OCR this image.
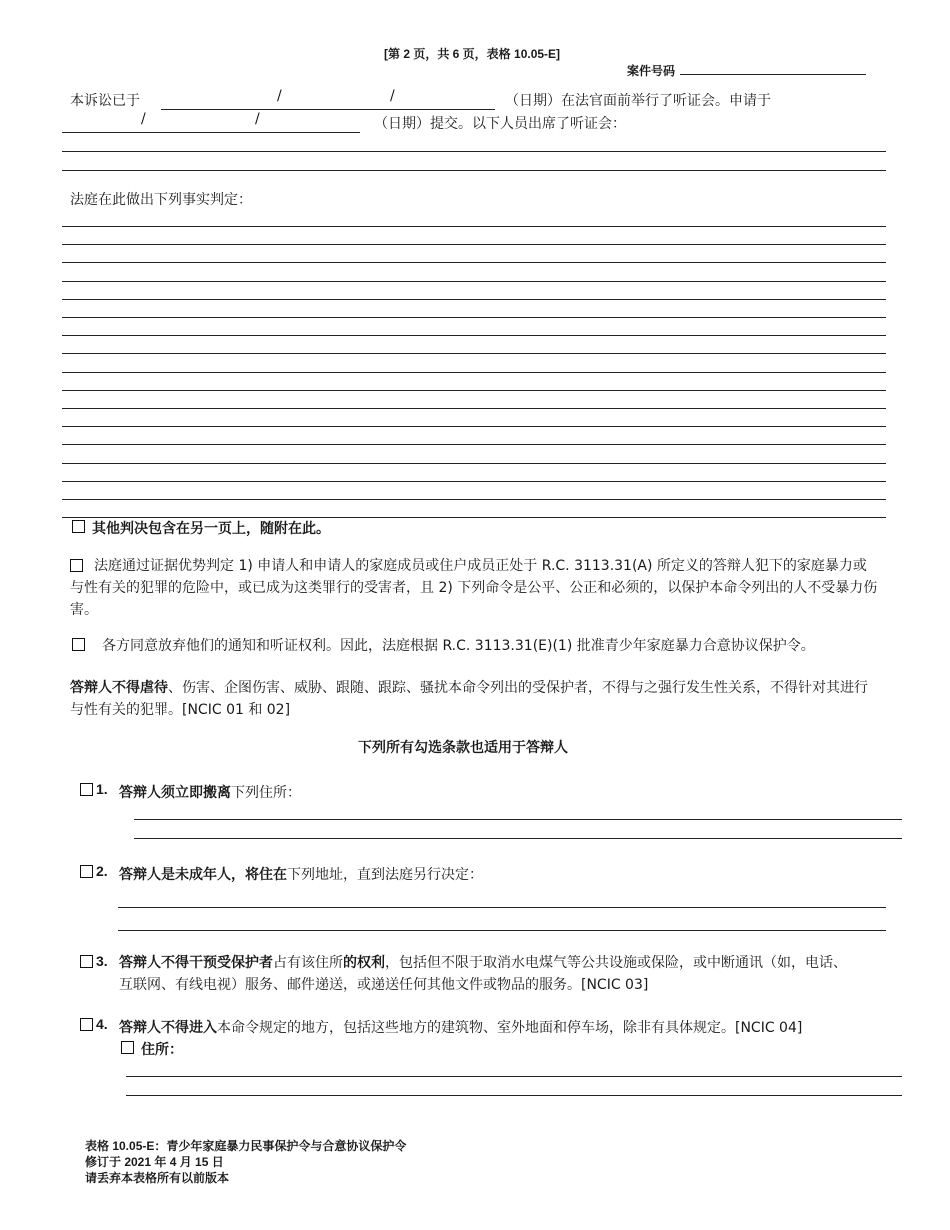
[第 2 页，共 6 页，表格 10.05-E]
案件号码
本诉讼已于	/	/	（日期）在法官面前举行了听证会。申请于
/	/	（日期）提交。以下人员出席了听证会：
法庭在此做出下列事实判定：
其他判决包含在另一页上，随附在此。
法庭通过证据优势判定 1) 申请人和申请人的家庭成员或住户成员正处于 R.C. 3113.31(A) 所定义的答辩人犯下的家庭暴力或与性有关的犯罪的危险中，或已成为这类罪行的受害者，且 2) 下列命令是公平、公正和必须的，以保护本命令列出的人不受暴力伤害。
各方同意放弃他们的通知和听证权利。因此，法庭根据 R.C. 3113.31(E)(1) 批准青少年家庭暴力合意协议保护令。
答辩人不得虐待、伤害、企图伤害、威胁、跟随、跟踪、骚扰本命令列出的受保护者，不得与之强行发生性关系，不得针对其进行与性有关的犯罪。[NCIC 01 和 02]
下列所有勾选条款也适用于答辩人
1. 答辩人须立即搬离下列住所：
2. 答辩人是未成年人，将住在下列地址，直到法庭另行决定：
3. 答辩人不得干预受保护者占有该住所的权利，包括但不限于取消水电煤气等公共设施或保险，或中断通讯（如，电话、互联网、有线电视）服务、邮件递送，或递送任何其他文件或物品的服务。[NCIC 03]
4. 答辩人不得进入本命令规定的地方，包括这些地方的建筑物、室外地面和停车场，除非有具体规定。[NCIC 04]
住所：
表格 10.05-E：青少年家庭暴力民事保护令与合意协议保护令
修订于 2021 年 4 月 15 日
请丢弃本表格所有以前版本
